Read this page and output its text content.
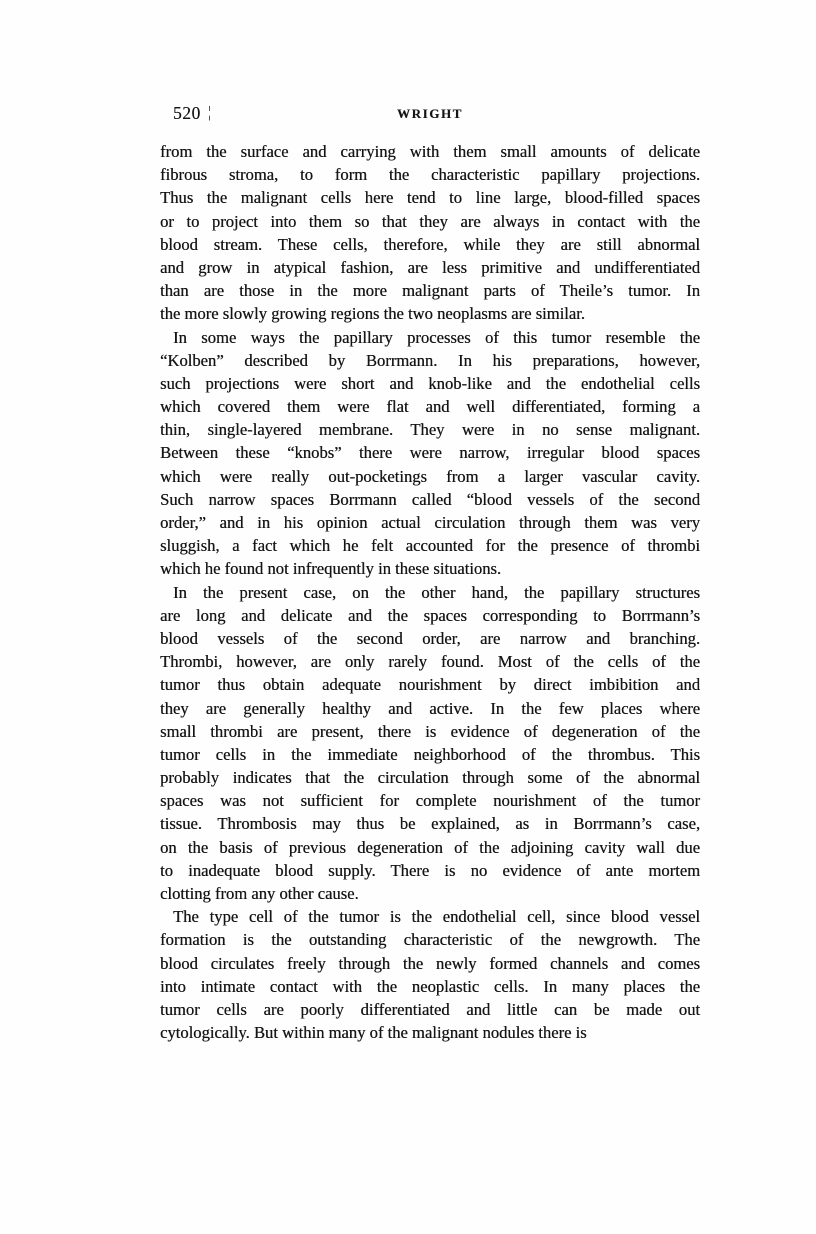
520 ¦	WRIGHT

from the surface and carrying with them small amounts of delicate
fibrous stroma, to form the characteristic papillary projections.
Thus the malignant cells here tend to line large, blood-filled spaces
or to project into them so that they are always in contact with the
blood stream. These cells, therefore, while they are still abnormal
and grow in atypical fashion, are less primitive and undifferentiated
than are those in the more malignant parts of Theile’s tumor. In
the more slowly growing regions the two neoplasms are similar.

In some ways the papillary processes of this tumor resemble the
“Kolben” described by Borrmann. In his preparations, however,
such projections were short and knob-like and the endothelial cells
which covered them were flat and well differentiated, forming a
thin, single-layered membrane. They were in no sense malignant.
Between these “knobs” there were narrow, irregular blood spaces
which were really out-pocketings from a larger vascular cavity.
Such narrow spaces Borrmann called “blood vessels of the second
order,” and in his opinion actual circulation through them was very
sluggish, a fact which he felt accounted for the presence of thrombi
which he found not infrequently in these situations.

In the present case, on the other hand, the papillary structures
are long and delicate and the spaces corresponding to Borrmann’s
blood vessels of the second order, are narrow and branching.
Thrombi, however, are only rarely found. Most of the cells of the
tumor thus obtain adequate nourishment by direct imbibition and
they are generally healthy and active. In the few places where
small thrombi are present, there is evidence of degeneration of the
tumor cells in the immediate neighborhood of the thrombus. This
probably indicates that the circulation through some of the abnormal
spaces was not sufficient for complete nourishment of the tumor
tissue. Thrombosis may thus be explained, as in Borrmann’s case,
on the basis of previous degeneration of the adjoining cavity wall due
to inadequate blood supply. There is no evidence of ante mortem
clotting from any other cause.

The type cell of the tumor is the endothelial cell, since blood vessel
formation is the outstanding characteristic of the newgrowth. The
blood circulates freely through the newly formed channels and comes
into intimate contact with the neoplastic cells. In many places the
tumor cells are poorly differentiated and little can be made out
cytologically. But within many of the malignant nodules there is
